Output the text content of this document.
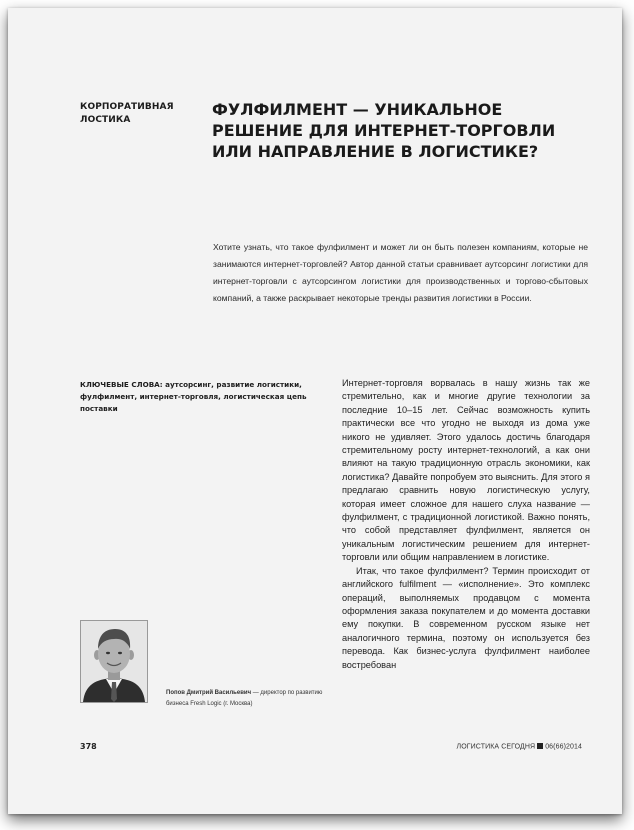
КОРПОРАТИВНАЯ ЛОСТИКА

ФУЛФИЛМЕНТ — УНИКАЛЬНОЕ РЕШЕНИЕ ДЛЯ ИНТЕРНЕТ-ТОРГОВЛИ ИЛИ НАПРАВЛЕНИЕ В ЛОГИСТИКЕ?

Хотите узнать, что такое фулфилмент и может ли он быть полезен компаниям, которые не занимаются интернет-торговлей? Автор данной статьи сравнивает аутсорсинг логистики для интернет-торговли с аутсорсингом логистики для производственных и торгово-сбытовых компаний, а также раскрывает некоторые тренды развития логистики в России.

КЛЮЧЕВЫЕ СЛОВА: аутсорсинг, развитие логистики, фулфилмент, интернет-торговля, логистическая цепь поставки

Интернет-торговля ворвалась в нашу жизнь так же стремительно, как и многие другие технологии за последние 10–15 лет. Сейчас возможность купить практически все что угодно не выходя из дома уже никого не удивляет. Этого удалось достичь благодаря стремительному росту интернет-технологий, а как они влияют на такую традиционную отрасль экономики, как логистика? Давайте попробуем это выяснить. Для этого я предлагаю сравнить новую логистическую услугу, которая имеет сложное для нашего слуха название — фулфилмент, с традиционной логистикой. Важно понять, что собой представляет фулфилмент, является он уникальным логистическим решением для интернет-торговли или общим направлением в логистике.

Итак, что такое фулфилмент? Термин происходит от английского fulfilment — «исполнение». Это комплекс операций, выполняемых продавцом с момента оформления заказа покупателем и до момента доставки ему покупки. В современном русском языке нет аналогичного термина, поэтому он используется без перевода. Как бизнес-услуга фулфилмент наиболее востребован

Попов Дмитрий Васильевич — директор по развитию бизнеса Fresh Logic (г. Москва)

378	ЛОГИСТИКА СЕГОДНЯ 06(66)2014
